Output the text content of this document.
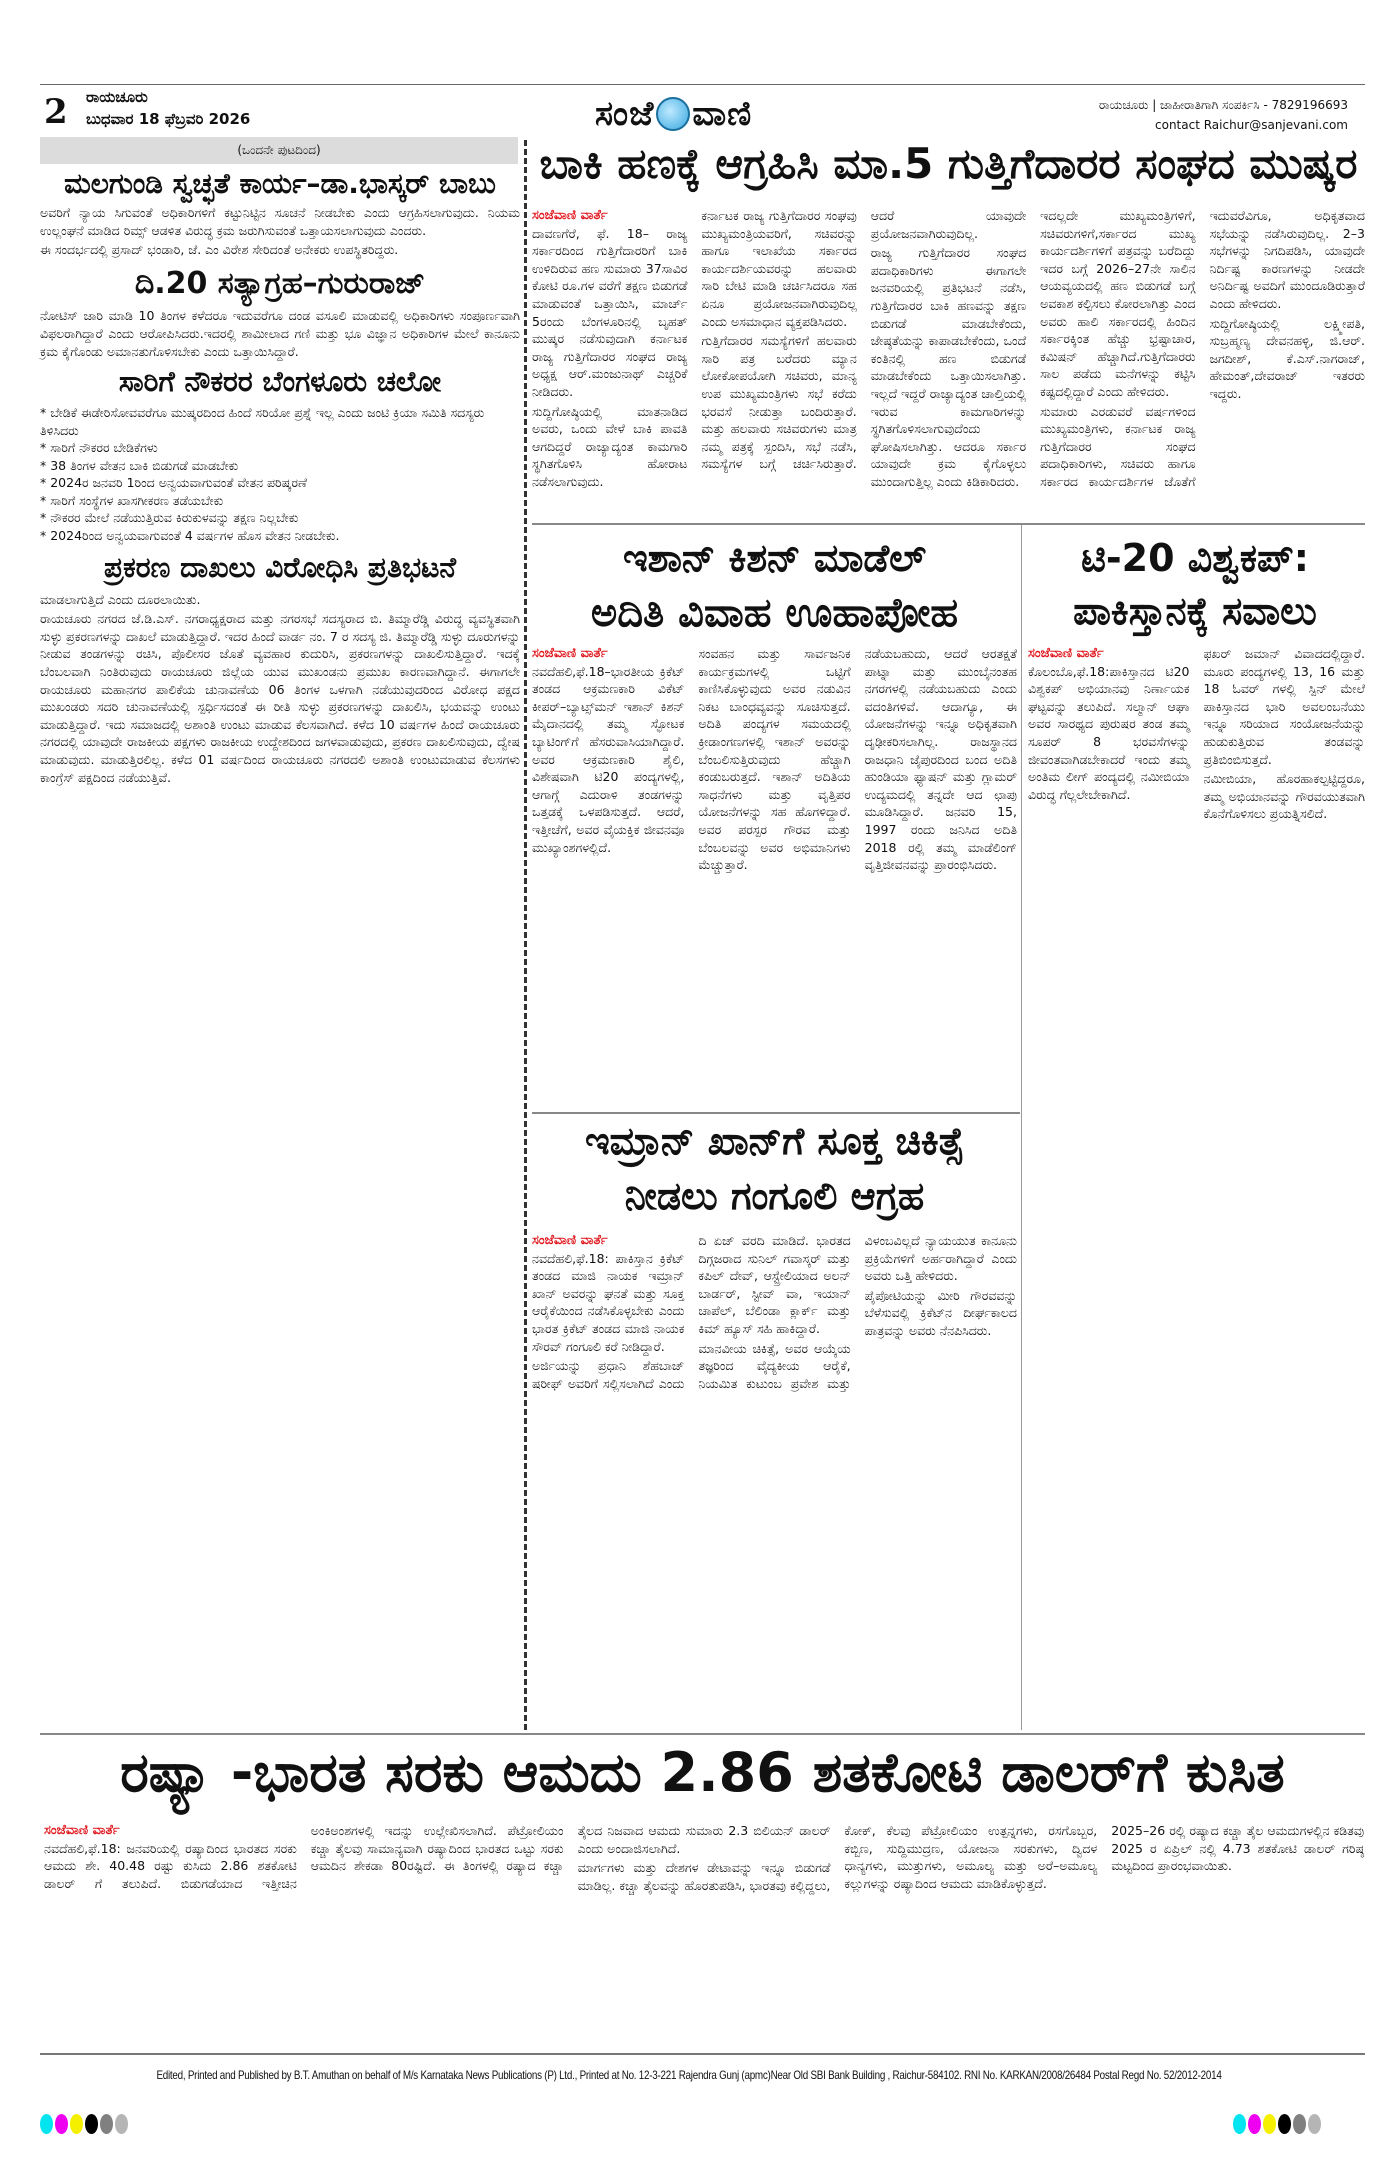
2 ರಾಯಚೂರು
ಬುಧವಾರ 18 ಫೆಬ್ರವರಿ 2026	ಸಂಜೆ ವಾಣಿ	ರಾಯಚೂರು | ಜಾಹೀರಾತಿಗಾಗಿ ಸಂಪರ್ಕಿಸಿ - 7829196693
contact Raichur@sanjevani.com
(ಒಂದನೇ ಪುಟದಿಂದ)
ಮಲಗುಂಡಿ ಸ್ವಚ್ಛತೆ ಕಾರ್ಯ–ಡಾ.ಭಾಸ್ಕರ್ ಬಾಬು

ಅವರಿಗೆ ನ್ಯಾಯ ಸಿಗುವಂತೆ ಅಧಿಕಾರಿಗಳಿಗೆ ಕಟ್ಟುನಿಟ್ಟಿನ ಸೂಚನೆ ನೀಡಬೇಕು ಎಂದು ಆಗ್ರಹಿಸಲಾಗುವುದು. ನಿಯಮ ಉಲ್ಲಂಘನೆ ಮಾಡಿದ ರಿಮ್ಸ್ ಆಡಳಿತ ವಿರುದ್ಧ ಕ್ರಮ ಜರುಗಿಸುವಂತೆ ಒತ್ತಾಯಸಲಾಗುವುದು ಎಂದರು.

ಈ ಸಂದರ್ಭದಲ್ಲಿ ಪ್ರಸಾದ್ ಭಂಡಾರಿ, ಜೆ. ಎಂ ವಿರೇಶ ಸೇರಿದಂತೆ ಅನೇಕರು ಉಪಸ್ಥಿತರಿದ್ದರು.

ದಿ.20 ಸತ್ಯಾಗ್ರಹ–ಗುರುರಾಜ್

ನೋಟಿಸ್ ಜಾರಿ ಮಾಡಿ 10 ತಿಂಗಳ ಕಳೆದರೂ ಇದುವರೆಗೂ ದಂಡ ವಸೂಲಿ ಮಾಡುವಲ್ಲಿ ಅಧಿಕಾರಿಗಳು ಸಂಪೂರ್ಣವಾಗಿ ವಿಫಲರಾಗಿದ್ದಾರೆ ಎಂದು ಆರೋಪಿಸಿದರು.ಇದರಲ್ಲಿ ಶಾಮೀಲಾದ ಗಣಿ ಮತ್ತು ಭೂ ವಿಜ್ಞಾನ ಅಧಿಕಾರಿಗಳ ಮೇಲೆ ಕಾನೂನು ಕ್ರಮ ಕೈಗೊಂಡು ಅಮಾನತುಗೊಳಿಸಬೇಕು ಎಂದು ಒತ್ತಾಯಿಸಿದ್ದಾರೆ.

ಸಾರಿಗೆ ನೌಕರರ ಬೆಂಗಳೂರು ಚಲೋ
* ಬೇಡಿಕೆ ಈಡೇರಿಸೋವವರೆಗೂ ಮುಷ್ಕರದಿಂದ ಹಿಂದೆ ಸರಿಯೋ ಪ್ರಶ್ನೆ ಇಲ್ಲ ಎಂದು ಜಂಟಿ ಕ್ರಿಯಾ ಸಮಿತಿ ಸದಸ್ಯರು ತಿಳಿಸಿದರು
* ಸಾರಿಗೆ ನೌಕರರ ಬೇಡಿಕೆಗಳು
* 38 ತಿಂಗಳ ವೇತನ ಬಾಕಿ ಬಿಡುಗಡೆ ಮಾಡಬೇಕು
* 2024ರ ಜನವರಿ 1ರಿಂದ ಅನ್ವಯವಾಗುವಂತೆ ವೇತನ ಪರಿಷ್ಕರಣೆ
* ಸಾರಿಗೆ ಸಂಸ್ಥೆಗಳ ಖಾಸಗೀಕರಣ ತಡೆಯಬೇಕು
* ನೌಕರರ ಮೇಲೆ ನಡೆಯುತ್ತಿರುವ ಕಿರುಕುಳವನ್ನು ತಕ್ಷಣ ನಿಲ್ಲಬೇಕು
* 2024ರಿಂದ ಅನ್ವಯವಾಗುವಂತೆ 4 ವರ್ಷಗಳ ಹೊಸ ವೇತನ ನೀಡಬೇಕು.
ಪ್ರಕರಣ ದಾಖಲು ವಿರೋಧಿಸಿ ಪ್ರತಿಭಟನೆ

ಮಾಡಲಾಗುತ್ತಿದೆ ಎಂದು ದೂರಲಾಯಿತು.

ರಾಯಚೂರು ನಗರದ ಜೆ.ಡಿ.ಎಸ್. ನಗರಾಧ್ಯಕ್ಷರಾದ ಮತ್ತು ನಗರಸಭೆ ಸದಸ್ಯರಾದ ಬಿ. ತಿಮ್ಮಾರೆಡ್ಡಿ ವಿರುದ್ಧ ವ್ಯವಸ್ಥಿತವಾಗಿ ಸುಳ್ಳು ಪ್ರಕರಣಗಳನ್ನು ದಾಖಲೆ ಮಾಡುತ್ತಿದ್ದಾರೆ. ಇದರ ಹಿಂದೆ ವಾರ್ಡ ನಂ. 7 ರ ಸದಸ್ಯ ಜಿ. ತಿಮ್ಮಾರೆಡ್ಡಿ ಸುಳ್ಳು ದೂರುಗಳನ್ನು ನೀಡುವ ತಂಡಗಳನ್ನು ರಚಿಸಿ, ಪೊಲೀಸರ ಜೊತೆ ವ್ಯವಹಾರ ಕುದುರಿಸಿ, ಪ್ರಕರಣಗಳನ್ನು ದಾಖಲಿಸುತ್ತಿದ್ದಾರೆ. ಇದಕ್ಕೆ ಬೆಂಬಲವಾಗಿ ನಿಂತಿರುವುದು ರಾಯಚೂರು ಜಿಲ್ಲೆಯ ಯುವ ಮುಖಂಡನು ಪ್ರಮುಖ ಕಾರಣವಾಗಿದ್ದಾನೆ. ಈಗಾಗಲೇ ರಾಯಚೂರು ಮಹಾನಗರ ಪಾಲಿಕೆಯ ಚುನಾವಣೆಯ 06 ತಿಂಗಳ ಒಳಗಾಗಿ ನಡೆಯುವುದರಿಂದ ವಿರೋಧ ಪಕ್ಷದ ಮುಖಂಡರು ಸದರಿ ಚುನಾವಣೆಯಲ್ಲಿ ಸ್ಪರ್ಧಿಸದಂತೆ ಈ ರೀತಿ ಸುಳ್ಳು ಪ್ರಕರಣಗಳನ್ನು ದಾಖಲಿಸಿ, ಭಯವನ್ನು ಉಂಟು ಮಾಡುತ್ತಿದ್ದಾರೆ. ಇದು ಸಮಾಜದಲ್ಲಿ ಅಶಾಂತಿ ಉಂಟು ಮಾಡುವ ಕೆಲಸವಾಗಿದೆ. ಕಳೆದ 10 ವರ್ಷಗಳ ಹಿಂದೆ ರಾಯಚೂರು ನಗರದಲ್ಲಿ ಯಾವುದೇ ರಾಜಕೀಯ ಪಕ್ಷಗಳು ರಾಜಕೀಯ ಉದ್ದೇಶದಿಂದ ಜಗಳವಾಡುವುದು, ಪ್ರಕರಣ ದಾಖಲಿಸುವುದು, ದ್ವೇಷ ಮಾಡುವುದು. ಮಾಡುತ್ತಿರಲಿಲ್ಲ. ಕಳೆದ 01 ವರ್ಷದಿಂದ ರಾಯಚೂರು ನಗರದಲಿ ಅಶಾಂತಿ ಉಂಟುಮಾಡುವ ಕೆಲಸಗಳು ಕಾಂಗ್ರೆಸ್ ಪಕ್ಷದಿಂದ ನಡೆಯುತ್ತಿವೆ.

ಬಾಕಿ ಹಣಕ್ಕೆ ಆಗ್ರಹಿಸಿ ಮಾ.5 ಗುತ್ತಿಗೆದಾರರ ಸಂಘದ ಮುಷ್ಕರ
ಸಂಜೆವಾಣಿ ವಾರ್ತೆ

ದಾವಣಗೆರೆ, ಫೆ. 18– ರಾಜ್ಯ ಸರ್ಕಾರದಿಂದ ಗುತ್ತಿಗೆದಾರರಿಗೆ ಬಾಕಿ ಉಳಿದಿರುವ ಹಣ ಸುಮಾರು 37ಸಾವಿರ ಕೋಟಿ ರೂ.ಗಳ ವರೆಗೆ ತಕ್ಷಣ ಬಿಡುಗಡೆ ಮಾಡುವಂತೆ ಒತ್ತಾಯಿಸಿ, ಮಾರ್ಚ್ 5ರಂದು ಬೆಂಗಳೂರಿನಲ್ಲಿ ಬೃಹತ್ ಮುಷ್ಕರ ನಡೆಸುವುದಾಗಿ ಕರ್ನಾಟಕ ರಾಜ್ಯ ಗುತ್ತಿಗೆದಾರರ ಸಂಘದ ರಾಜ್ಯ ಅಧ್ಯಕ್ಷ ಆರ್.ಮಂಜುನಾಥ್ ಎಚ್ಚರಿಕೆ ನೀಡಿದರು.

ಸುದ್ದಿಗೋಷ್ಠಿಯಲ್ಲಿ ಮಾತನಾಡಿದ ಅವರು, ಒಂದು ವೇಳೆ ಬಾಕಿ ಪಾವತಿ ಆಗದಿದ್ದರೆ ರಾಜ್ಯಾದ್ಯಂತ ಕಾಮಗಾರಿ ಸ್ಥಗಿತಗೊಳಿಸಿ ಹೋರಾಟ ನಡೆಸಲಾಗುವುದು.

ಕರ್ನಾಟಕ ರಾಜ್ಯ ಗುತ್ತಿಗೆದಾರರ ಸಂಘವು ಮುಖ್ಯಮಂತ್ರಿಯವರಿಗೆ, ಸಚಿವರನ್ನು ಹಾಗೂ ಇಲಾಖೆಯ ಸರ್ಕಾರದ ಕಾರ್ಯದರ್ಶಿಯವರನ್ನು ಹಲವಾರು ಸಾರಿ ಬೇಟಿ ಮಾಡಿ ಚರ್ಚಿಸಿದರೂ ಸಹ ಏನೂ ಪ್ರಯೋಜನವಾಗಿರುವುದಿಲ್ಲ ಎಂದು ಅಸಮಾಧಾನ ವ್ಯಕ್ತಪಡಿಸಿದರು.

ಗುತ್ತಿಗೆದಾರರ ಸಮಸ್ಯೆಗಳಿಗೆ ಹಲವಾರು ಸಾರಿ ಪತ್ರ ಬರೆದರು ಮ್ಯಾನ ಲೋಕೋಪಯೋಗಿ ಸಚಿವರು, ಮಾನ್ಯ ಉಪ ಮುಖ್ಯಮಂತ್ರಿಗಳು ಸಭೆ ಕರೆದು ಭರವಸೆ ನೀಡುತ್ತಾ ಬಂದಿರುತ್ತಾರೆ. ಮತ್ತು ಹಲವಾರು ಸಚಿವರುಗಳು ಮಾತ್ರ ನಮ್ಮ ಪತ್ರಕ್ಕೆ ಸ್ಪಂದಿಸಿ, ಸಭೆ ನಡೆಸಿ, ಸಮಸ್ಯೆಗಳ ಬಗ್ಗೆ ಚರ್ಚಿಸಿರುತ್ತಾರೆ. ಆದರೆ ಯಾವುದೇ ಪ್ರಯೋಜನವಾಗಿರುವುದಿಲ್ಲ.

ರಾಜ್ಯ ಗುತ್ತಿಗೆದಾರರ ಸಂಘದ ಪದಾಧಿಕಾರಿಗಳು ಈಗಾಗಲೇ ಜನವರಿಯಲ್ಲಿ ಪ್ರತಿಭಟನೆ ನಡೆಸಿ, ಗುತ್ತಿಗೆದಾರರ ಬಾಕಿ ಹಣವನ್ನು ತಕ್ಷಣ ಬಿಡುಗಡೆ ಮಾಡಬೇಕೆಂದು, ಜೇಷ್ಠತೆಯನ್ನು ಕಾಪಾಡಬೇಕೆಂದು, ಒಂದೆ ಕಂತಿನಲ್ಲಿ ಹಣ ಬಿಡುಗಡೆ ಮಾಡಬೇಕೆಂದು ಒತ್ತಾಯಿಸಲಾಗಿತ್ತು. ಇಲ್ಲದೆ ಇದ್ದರೆ ರಾಜ್ಯಾದ್ಯಂತ ಚಾಲ್ತಿಯಲ್ಲಿ ಇರುವ ಕಾಮಗಾರಿಗಳನ್ನು ಸ್ಥಗಿತಗೊಳಿಸಲಾಗುವುದೆಂದು ಘೋಷಿಸಲಾಗಿತ್ತು. ಆದರೂ ಸರ್ಕಾರ ಯಾವುದೇ ಕ್ರಮ ಕೈಗೊಳ್ಳಲು ಮುಂದಾಗುತ್ತಿಲ್ಲ ಎಂದು ಕಿಡಿಕಾರಿದರು.

ಇದಲ್ಲದೇ ಮುಖ್ಯಮಂತ್ರಿಗಳಿಗೆ, ಸಚಿವರುಗಳಿಗೆ,ಸರ್ಕಾರದ ಮುಖ್ಯ ಕಾರ್ಯದರ್ಶಿಗಳಿಗೆ ಪತ್ರವನ್ನು ಬರೆದಿದ್ದು ಇದರ ಬಗ್ಗೆ 2026–27ನೇ ಸಾಲಿನ ಆಯವ್ಯಯದಲ್ಲಿ ಹಣ ಬಿಡುಗಡೆ ಬಗ್ಗೆ ಅವಕಾಶ ಕಲ್ಪಿಸಲು ಕೋರಲಾಗಿತ್ತು ಎಂದ ಅವರು ಹಾಲಿ ಸರ್ಕಾರದಲ್ಲಿ ಹಿಂದಿನ ಸರ್ಕಾರಕ್ಕಿಂತ ಹೆಚ್ಚು ಭ್ರಷ್ಟಾಚಾರ, ಕಮಿಷನ್ ಹೆಚ್ಚಾಗಿದೆ.ಗುತ್ತಿಗೆದಾರರು ಸಾಲ ಪಡೆದು ಮನೆಗಳನ್ನು ಕಟ್ಟಿಸಿ ಕಷ್ಟದಲ್ಲಿದ್ದಾರೆ ಎಂದು ಹೇಳಿದರು.

ಸುಮಾರು ಎರಡುವರೆ ವರ್ಷಗಳಿಂದ ಮುಖ್ಯಮಂತ್ರಿಗಳು, ಕರ್ನಾಟಕ ರಾಜ್ಯ ಗುತ್ತಿಗೆದಾರರ ಸಂಘದ ಪದಾಧಿಕಾರಿಗಳು, ಸಚಿವರು ಹಾಗೂ ಸರ್ಕಾರದ ಕಾರ್ಯದರ್ಶಿಗಳ ಜೊತೆಗೆ ಇದುವರೆವಿಗೂ, ಅಧಿಕೃತವಾದ ಸಭೆಯನ್ನು ನಡೆಸಿರುವುದಿಲ್ಲ. 2–3 ಸಭೆಗಳನ್ನು ನಿಗದಿಪಡಿಸಿ, ಯಾವುದೇ ನಿರ್ದಿಷ್ಟ ಕಾರಣಗಳನ್ನು ನೀಡದೇ ಅನಿರ್ದಿಷ್ಟ ಅವದಿಗೆ ಮುಂದೂಡಿರುತ್ತಾರೆ ಎಂದು ಹೇಳಿದರು.

ಸುದ್ದಿಗೋಷ್ಠಿಯಲ್ಲಿ ಲಕ್ಷ್ಮೀಪತಿ, ಸುಬ್ರಹ್ಮಣ್ಯ ದೇವನಹಳ್ಳಿ, ಜಿ.ಆರ್. ಜಗದೀಶ್, ಕೆ.ಎಸ್.ನಾಗರಾಜ್, ಹೇಮಂತ್,ದೇವರಾಜ್ ಇತರರು ಇದ್ದರು.

ಇಶಾನ್ ಕಿಶನ್ ಮಾಡೆಲ್
ಅದಿತಿ ವಿವಾಹ ಊಹಾಪೋಹ
ಸಂಜೆವಾಣಿ ವಾರ್ತೆ

ನವದೆಹಲಿ,ಫೆ.18–ಭಾರತೀಯ ಕ್ರಿಕೆಟ್ ತಂಡದ ಆಕ್ರಮಣಕಾರಿ ವಿಕೆಟ್ ಕೀಪರ್–ಬ್ಯಾಟ್ಸ್‌ಮನ್ ಇಶಾನ್ ಕಿಶನ್ ಮೈದಾನದಲ್ಲಿ ತಮ್ಮ ಸ್ಫೋಟಕ ಬ್ಯಾಟಿಂಗ್‌ಗೆ ಹೆಸರುವಾಸಿಯಾಗಿದ್ದಾರೆ. ಅವರ ಆಕ್ರಮಣಕಾರಿ ಶೈಲಿ, ವಿಶೇಷವಾಗಿ ಟಿ20 ಪಂದ್ಯಗಳಲ್ಲಿ, ಆಗಾಗ್ಗೆ ಎದುರಾಳಿ ತಂಡಗಳನ್ನು ಒತ್ತಡಕ್ಕೆ ಒಳಪಡಿಸುತ್ತದೆ. ಆದರೆ, ಇತ್ತೀಚೆಗೆ, ಅವರ ವೈಯಕ್ತಿಕ ಜೀವನವೂ ಮುಖ್ಯಾಂಶಗಳಲ್ಲಿದೆ.

ಸಂವಹನ ಮತ್ತು ಸಾರ್ವಜನಿಕ ಕಾರ್ಯಕ್ರಮಗಳಲ್ಲಿ ಒಟ್ಟಿಗೆ ಕಾಣಿಸಿಕೊಳ್ಳುವುದು ಅವರ ನಡುವಿನ ನಿಕಟ ಬಾಂಧವ್ಯವನ್ನು ಸೂಚಿಸುತ್ತದೆ. ಅದಿತಿ ಪಂದ್ಯಗಳ ಸಮಯದಲ್ಲಿ ಕ್ರೀಡಾಂಗಣಗಳಲ್ಲಿ ಇಶಾನ್ ಅವರನ್ನು ಬೆಂಬಲಿಸುತ್ತಿರುವುದು ಹೆಚ್ಚಾಗಿ ಕಂಡುಬರುತ್ತದೆ. ಇಶಾನ್ ಅದಿತಿಯ ಸಾಧನೆಗಳು ಮತ್ತು ವೃತ್ತಿಪರ ಯೋಜನೆಗಳನ್ನು ಸಹ ಹೊಗಳಿದ್ದಾರೆ. ಅವರ ಪರಸ್ಪರ ಗೌರವ ಮತ್ತು ಬೆಂಬಲವನ್ನು ಅವರ ಅಭಿಮಾನಿಗಳು ಮೆಚ್ಚುತ್ತಾರೆ.

ನಡೆಯಬಹುದು, ಆದರೆ ಆರತಕ್ಷತೆ ಪಾಟ್ನಾ ಮತ್ತು ಮುಂಬೈನಂತಹ ನಗರಗಳಲ್ಲಿ ನಡೆಯಬಹುದು ಎಂದು ವದಂತಿಗಳಿವೆ. ಆದಾಗ್ಯೂ, ಈ ಯೋಜನೆಗಳನ್ನು ಇನ್ನೂ ಅಧಿಕೃತವಾಗಿ ದೃಢೀಕರಿಸಲಾಗಿಲ್ಲ. ರಾಜಸ್ಥಾನದ ರಾಜಧಾನಿ ಜೈಪುರದಿಂದ ಬಂದ ಅದಿತಿ ಹುಂಡಿಯಾ ಫ್ಯಾಷನ್ ಮತ್ತು ಗ್ಲಾಮರ್ ಉದ್ಯಮದಲ್ಲಿ ತನ್ನದೇ ಆದ ಛಾಪು ಮೂಡಿಸಿದ್ದಾರೆ. ಜನವರಿ 15, 1997 ರಂದು ಜನಿಸಿದ ಅದಿತಿ 2018 ರಲ್ಲಿ ತಮ್ಮ ಮಾಡೆಲಿಂಗ್ ವೃತ್ತಿಜೀವನವನ್ನು ಪ್ರಾರಂಭಿಸಿದರು.

ಟಿ-20 ವಿಶ್ವಕಪ್:
ಪಾಕಿಸ್ತಾನಕ್ಕೆ ಸವಾಲು
ಸಂಜೆವಾಣಿ ವಾರ್ತೆ

ಕೊಲಂಬೊ,ಫೆ.18:ಪಾಕಿಸ್ತಾನದ ಟಿ20 ವಿಶ್ವಕಪ್ ಅಭಿಯಾನವು ನಿರ್ಣಾಯಕ ಘಟ್ಟವನ್ನು ತಲುಪಿದೆ. ಸಲ್ಮಾನ್ ಆಘಾ ಅವರ ಸಾರಥ್ಯದ ಪುರುಷರ ತಂಡ ತಮ್ಮ ಸೂಪರ್ 8 ಭರವಸೆಗಳನ್ನು ಜೀವಂತವಾಗಿಡಬೇಕಾದರೆ ಇಂದು ತಮ್ಮ ಅಂತಿಮ ಲೀಗ್ ಪಂದ್ಯದಲ್ಲಿ ನಮೀಬಿಯಾ ವಿರುದ್ಧ ಗೆಲ್ಲಲೇಬೇಕಾಗಿದೆ.

ಫಖರ್ ಜಮಾನ್ ವಿವಾದದಲ್ಲಿದ್ದಾರೆ. ಮೂರು ಪಂದ್ಯಗಳಲ್ಲಿ 13, 16 ಮತ್ತು 18 ಓವರ್ ಗಳಲ್ಲಿ ಸ್ಪಿನ್ ಮೇಲೆ ಪಾಕಿಸ್ತಾನದ ಭಾರಿ ಅವಲಂಬನೆಯು ಇನ್ನೂ ಸರಿಯಾದ ಸಂಯೋಜನೆಯನ್ನು ಹುಡುಕುತ್ತಿರುವ ತಂಡವನ್ನು ಪ್ರತಿಬಿಂಬಿಸುತ್ತದೆ.

ನಮೀಬಿಯಾ, ಹೊರಹಾಕಲ್ಪಟ್ಟಿದ್ದರೂ, ತಮ್ಮ ಅಭಿಯಾನವನ್ನು ಗೌರವಯುತವಾಗಿ ಕೊನೆಗೊಳಿಸಲು ಪ್ರಯತ್ನಿಸಲಿದೆ.

ಇಮ್ರಾನ್ ಖಾನ್‌ಗೆ ಸೂಕ್ತ ಚಿಕಿತ್ಸೆ
ನೀಡಲು ಗಂಗೂಲಿ ಆಗ್ರಹ
ಸಂಜೆವಾಣಿ ವಾರ್ತೆ

ನವದೆಹಲಿ,ಫೆ.18: ಪಾಕಿಸ್ತಾನ ಕ್ರಿಕೆಟ್ ತಂಡದ ಮಾಜಿ ನಾಯಕ ಇಮ್ರಾನ್ ಖಾನ್ ಅವರನ್ನು ಘನತೆ ಮತ್ತು ಸೂಕ್ತ ಆರೈಕೆಯಿಂದ ನಡೆಸಿಕೊಳ್ಳಬೇಕು ಎಂದು ಭಾರತ ಕ್ರಿಕೆಟ್ ತಂಡದ ಮಾಜಿ ನಾಯಕ ಸೌರವ್ ಗಂಗೂಲಿ ಕರೆ ನೀಡಿದ್ದಾರೆ.

ಅರ್ಜಿಯನ್ನು ಪ್ರಧಾನಿ ಶೆಹಬಾಜ್ ಷರೀಫ್ ಅವರಿಗೆ ಸಲ್ಲಿಸಲಾಗಿದೆ ಎಂದು ದಿ ಏಜ್ ವರದಿ ಮಾಡಿದೆ. ಭಾರತದ ದಿಗ್ಗಜರಾದ ಸುನಿಲ್ ಗವಾಸ್ಕರ್ ಮತ್ತು ಕಪಿಲ್ ದೇವ್, ಆಸ್ಟ್ರೇಲಿಯಾದ ಅಲನ್ ಬಾರ್ಡರ್, ಸ್ಟೀವ್ ವಾ, ಇಯಾನ್ ಚಾಪೆಲ್, ಬೆಲಿಂಡಾ ಕ್ಲಾರ್ಕ್ ಮತ್ತು ಕಿಮ್ ಹ್ಯೂಸ್ ಸಹಿ ಹಾಕಿದ್ದಾರೆ.

ಮಾನವೀಯ ಚಿಕಿತ್ಸೆ, ಅವರ ಆಯ್ಕೆಯ ತಜ್ಞರಿಂದ ವೈದ್ಯಕೀಯ ಆರೈಕೆ, ನಿಯಮಿತ ಕುಟುಂಬ ಪ್ರವೇಶ ಮತ್ತು ವಿಳಂಬವಿಲ್ಲದೆ ನ್ಯಾಯಯುತ ಕಾನೂನು ಪ್ರಕ್ರಿಯೆಗಳಿಗೆ ಅರ್ಹರಾಗಿದ್ದಾರೆ ಎಂದು ಅವರು ಒತ್ತಿ ಹೇಳಿದರು.

ಪೈಪೋಟಿಯನ್ನು ಮೀರಿ ಗೌರವವನ್ನು ಬೆಳೆಸುವಲ್ಲಿ ಕ್ರಿಕೆಟ್‌ನ ದೀರ್ಘಕಾಲದ ಪಾತ್ರವನ್ನು ಅವರು ನೆನಪಿಸಿದರು.

ರಷ್ಯಾ -ಭಾರತ ಸರಕು ಆಮದು 2.86 ಶತಕೋಟಿ ಡಾಲರ್‌ಗೆ ಕುಸಿತ
ಸಂಜೆವಾಣಿ ವಾರ್ತೆ

ನವದೆಹಲಿ,ಫೆ.18: ಜನವರಿಯಲ್ಲಿ ರಷ್ಯಾದಿಂದ ಭಾರತದ ಸರಕು ಆಮದು ಶೇ. 40.48 ರಷ್ಟು ಕುಸಿದು 2.86 ಶತಕೋಟಿ ಡಾಲರ್ ಗೆ ತಲುಪಿದೆ. ಬಿಡುಗಡೆಯಾದ ಇತ್ತೀಚಿನ ಅಂಕಿಅಂಶಗಳಲ್ಲಿ ಇದನ್ನು ಉಲ್ಲೇಖಿಸಲಾಗಿದೆ. ಪೆಟ್ರೋಲಿಯಂ ಕಚ್ಚಾ ತೈಲವು ಸಾಮಾನ್ಯವಾಗಿ ರಷ್ಯಾದಿಂದ ಭಾರತದ ಒಟ್ಟು ಸರಕು ಆಮದಿನ ಶೇಕಡಾ 80ರಷ್ಟಿದೆ. ಈ ತಿಂಗಳಲ್ಲಿ ರಷ್ಯಾದ ಕಚ್ಚಾ ತೈಲದ ನಿಜವಾದ ಆಮದು ಸುಮಾರು 2.3 ಬಿಲಿಯನ್ ಡಾಲರ್ ಎಂದು ಅಂದಾಜಿಸಲಾಗಿದೆ.

ಮಾರ್ಗಗಳು ಮತ್ತು ದೇಶಗಳ ಡೇಟಾವನ್ನು ಇನ್ನೂ ಬಿಡುಗಡೆ ಮಾಡಿಲ್ಲ. ಕಚ್ಚಾ ತೈಲವನ್ನು ಹೊರತುಪಡಿಸಿ, ಭಾರತವು ಕಲ್ಲಿದ್ದಲು, ಕೋಕ್, ಕೆಲವು ಪೆಟ್ರೋಲಿಯಂ ಉತ್ಪನ್ನಗಳು, ರಸಗೊಬ್ಬರ, ಕಬ್ಬಿಣ, ಸುದ್ದಿಮುದ್ರಣ, ಯೋಜನಾ ಸರಕುಗಳು, ದ್ವಿದಳ ಧಾನ್ಯಗಳು, ಮುತ್ತುಗಳು, ಅಮೂಲ್ಯ ಮತ್ತು ಅರೆ–ಅಮೂಲ್ಯ ಕಲ್ಲುಗಳನ್ನು ರಷ್ಯಾದಿಂದ ಆಮದು ಮಾಡಿಕೊಳ್ಳುತ್ತದೆ.

2025–26 ರಲ್ಲಿ ರಷ್ಯಾದ ಕಚ್ಚಾ ತೈಲ ಆಮದುಗಳಲ್ಲಿನ ಕಡಿತವು 2025 ರ ಏಪ್ರಿಲ್ ನಲ್ಲಿ 4.73 ಶತಕೋಟಿ ಡಾಲರ್ ಗರಿಷ್ಠ ಮಟ್ಟದಿಂದ ಪ್ರಾರಂಭವಾಯಿತು.

Edited, Printed and Published by B.T. Amuthan on behalf of M/s Karnataka News Publications (P) Ltd., Printed at No. 12-3-221 Rajendra Gunj (apmc)Near Old SBI Bank Building , Raichur-584102. RNI No. KARKAN/2008/26484 Postal Regd No. 52/2012-2014
